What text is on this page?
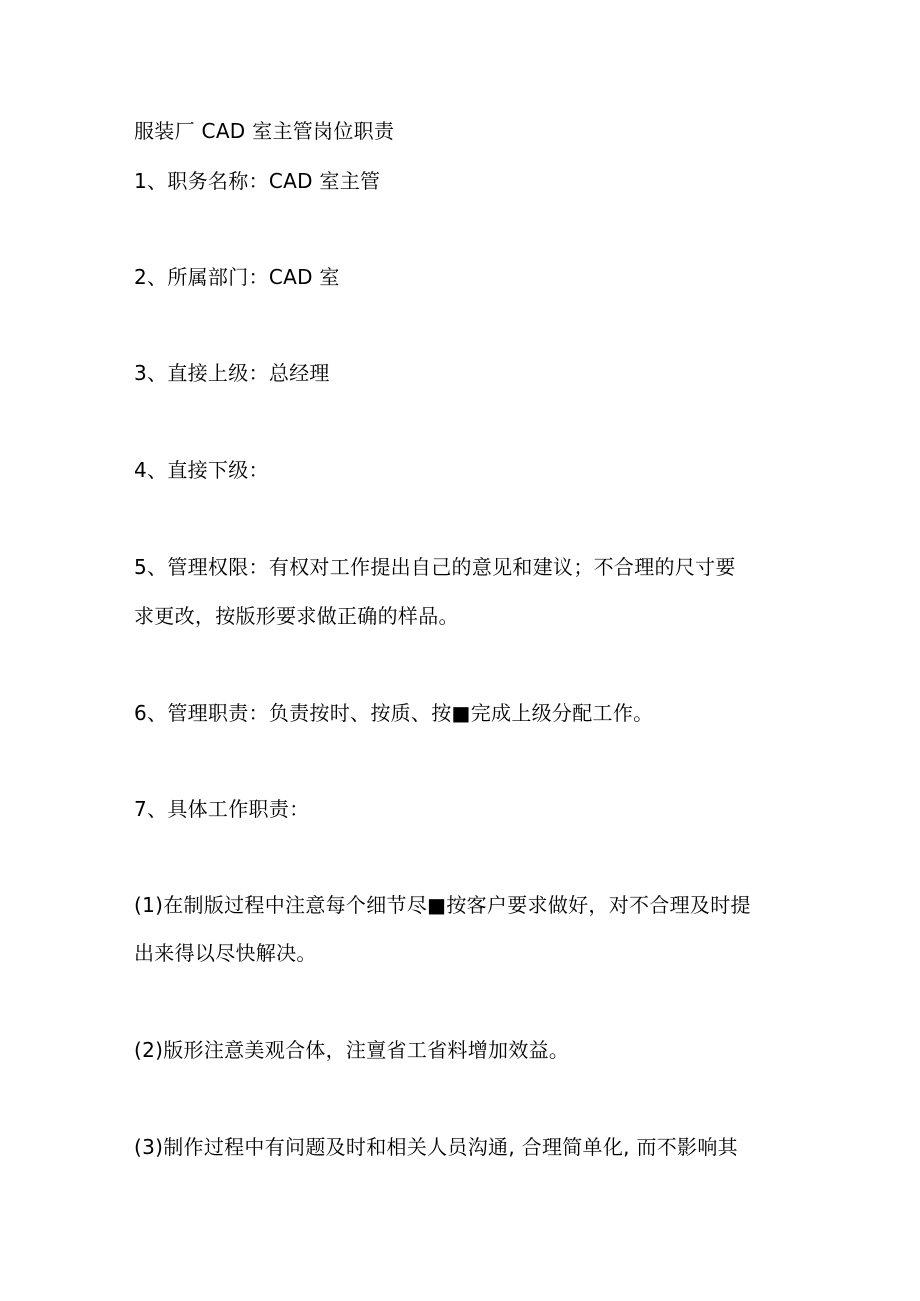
服装厂 CAD 室主管岗位职责
1、职务名称：CAD 室主管
2、所属部门：CAD 室
3、直接上级：总经理
4、直接下级：
5、管理权限：有权对工作提出自己的意见和建议；不合理的尺寸要
求更改，按版形要求做正确的样品。
6、管理职责：负责按时、按质、按■完成上级分配工作。
7、具体工作职责：
(1)在制版过程中注意每个细节尽■按客户要求做好，对不合理及时提
出来得以尽快解决。
(2)版形注意美观合体，注亶省工省料增加效益。
(3)制作过程中有问题及时和相关人员沟通, 合理简单化, 而不影响其
